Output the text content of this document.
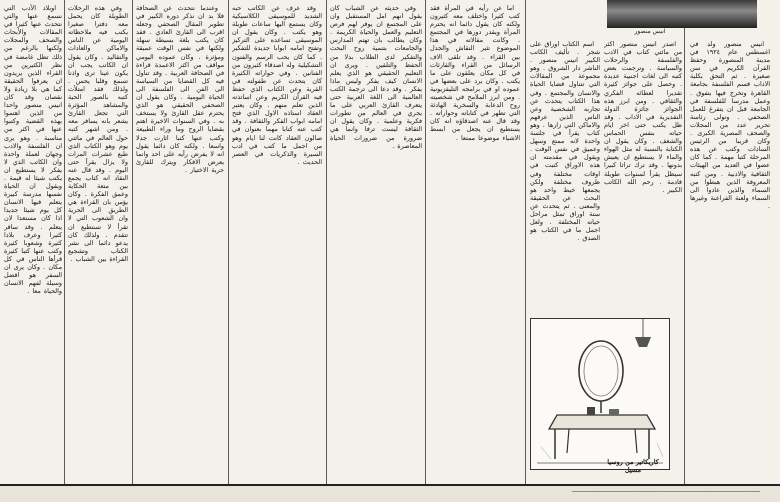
انيس منصور ولد في اغسطس عام ١٩٢٤ في مدينة المنصورة وحفظ القرآن الكريم في سن صغيرة . ثم التحق بكلية الاداب قسم الفلسفة بجامعة القاهرة وتخرج فيها بتفوق . وعمل مدرسا للفلسفة في الجامعة قبل ان يتفرغ للعمل الصحفي . وتولى رئاسة تحرير عدد من المجلات والصحف المصرية الكبرى . وكان قريبا من الرئيس السادات وكتب عن هذه المرحلة كتبا مهمة . كما كان عضوا في العديد من الهيئات الثقافية والادبية . ومن كتبه المعروفة الذين هبطوا من السماء والذين عادوا الى السماء ولعنة الفراعنة وغيرها .

اصدر انيس منصور اكثر من مائتي كتاب في الادب والفلسفة والرحلات والسياسة . وترجمت بعض كتبه الى لغات اجنبية عديدة . وحصل على جوائز كثيرة تقديرا لعطائه الفكري والثقافي . ومن ابرز هذه الجوائز جائزة الدولة التقديرية في الاداب . وقد ظل يكتب حتى اخر ايام حياته بنفس الحماس والشغف . وكان يقول ان الكتابة بالنسبة له مثل الهواء والماء لا يستطيع ان يعيش بدونها . وقد ترك تراثا كبيرا سيظل يقرأ لسنوات طويلة قادمة . رحم الله الكاتب الكبير .

اسم الكتاب اوراق على شجر . تأليف الكاتب الكبير انيس منصور . الناشر دار الشروق . وهو مجموعة من المقالات التي تتناول قضايا الحياة والانسان والمجتمع . وفي هذا الكتاب يتحدث عن تجاربه الشخصية وعن الناس الذين عرفهم والاماكن التي زارها . وهو كتاب يقرأ في جلسة واحدة لانه ممتع وسهل وعميق في نفس الوقت . ويقول في مقدمته ان هذه الاوراق كتبت في اوقات مختلفة وفي ظروف مختلفة ولكن يجمعها خيط واحد هو البحث عن الحقيقة والمعنى . ثم يتحدث عن ستة اوراق تمثل مراحل حياته المختلفة . ولعل اجمل ما في الكتاب هو الصدق .

اما عن رأيه في المرأة فقد كتب كثيرا واختلف معه كثيرون ولكنه كان يقول دائما انه يحترم المرأة ويقدر دورها في المجتمع . وكانت مقالاته في هذا الموضوع تثير النقاش والجدل بين القراء . وقد تلقى الاف الرسائل من القراء والقارئات في كل مكان يعلقون على ما يكتب . وكان يرد على بعضها في عموده او في برامجه التليفزيونية . ومن ابرز الملامح في شخصيته روح الدعابة والسخرية الهادئة التي تظهر في كتاباته وحواراته . وقد قال عنه اصدقاؤه انه كان يستطيع ان يجعل من ابسط الاشياء موضوعا ممتعا .

وفي حديثه عن الشباب كان يقول انهم امل المستقبل وان على المجتمع ان يوفر لهم فرص التعليم والعمل والحياة الكريمة . وكان يطالب بان تهتم المدارس والجامعات بتنمية روح البحث والتفكير لدى الطلاب بدلا من الحفظ والتلقين . ويرى ان التعليم الحقيقي هو الذي يعلم الانسان كيف يفكر وليس ماذا يفكر . وقد دعا الى ترجمة الكتب العالمية الى اللغة العربية حتى يتعرف القارئ العربي على ما يجري في العالم من تطورات فكرية وعلمية . وكان يقول ان الثقافة ليست ترفا وانما هي ضرورة من ضرورات الحياة المعاصرة .

وقد عرف عن الكاتب حبه الشديد للموسيقى الكلاسيكية وكان يستمع اليها ساعات طويلة وهو يكتب . وكان يقول ان الموسيقى تساعده على التركيز وتفتح امامه ابوابا جديدة للتفكير . كما كان يحب الرسم والفنون التشكيلية وله اصدقاء كثيرون من الفنانين . وفي حواراته الكثيرة كان يتحدث عن طفولته في القرية وعن الكتاب الذي حفظ فيه القرآن الكريم وعن اساتذته الذين تعلم منهم . وكان يعتبر العقاد استاذه الاول الذي فتح امامه ابواب الفكر والثقافة . وقد كتب عنه كتابا مهما بعنوان في صالون العقاد كانت لنا ايام وهو من اجمل ما كتب في ادب السيرة والذكريات في العصر الحديث .

وعندما نتحدث عن الصحافة فلا بد ان نذكر دوره الكبير في تطوير المقال الصحفي وجعله اقرب الى القارئ العادي . فقد كان يكتب بلغة بسيطة سهلة ولكنها في نفس الوقت عميقة ومؤثرة . وكان عموده اليومي مواقف من اكثر الاعمدة قراءة في الصحافة العربية . وقد تناول فيه كل القضايا من السياسة الى الفن الى الفلسفة الى الحياة اليومية . وكان يقول ان الصحفي الحقيقي هو الذي يحترم عقل القارئ ولا يستخف به . وفي السنوات الاخيرة اهتم بقضايا الروح وما وراء الطبيعة وكتب عنها كتبا اثارت جدلا واسعا . ولكنه كان دائما يقول انه لا يفرض رأيه على احد وانما يعرض الافكار ويترك للقارئ حرية الاختيار .

وفي هذه الرحلات الطويلة كان يحمل معه دفترا صغيرا يكتب فيه ملاحظاته اليومية عن الناس والاماكن والعادات والتقاليد . وكان يقول ان الكاتب يجب ان يكون عينا ترى واذنا تسمع وقلبا يحس . ولذلك فقد امتلأت كتبه بالصور الحية والمشاهد المؤثرة التي تجعل القارئ يشعر بانه يسافر معه . ومن اشهر كتبه حول العالم في مائتي يوم وهو الكتاب الذي طبع عشرات المرات ولا يزال يقرأ حتى اليوم . وقد قال عنه النقاد انه كتاب يجمع بين متعة الحكاية وعمق الفكرة . وكان يؤمن بان القراءة هي الطريق الى الحرية وان الشعوب التي لا تقرأ لا تستطيع ان تتقدم . ولذلك كان يدعو دائما الى نشر الكتاب وتشجيع القراءة بين الشباب .

اوبلاد الأدب التي نسمع عنها والتي نتحدث عنها كثيرا في المقالات والأبحاث والصحف والمجلات ولكنها بالرغم من ذلك تظل غامضة في نظر الكثيرين من القراء الذين يريدون ان يعرفوا الحقيقة كما هي بلا زيادة ولا نقصان وقد كان انيس منصور واحدا من الذين اهتموا بهذه القضية وكتبوا عنها في اكثر من مناسبة . وهو يرى ان الفلسفة والادب وجهان لعملة واحدة وان الكاتب الذي لا يفكر لا يستطيع ان يكتب شيئا له قيمة . ويقول ان الحياة نفسها مدرسة كبيرة يتعلم فيها الانسان كل يوم شيئا جديدا اذا كان مستعدا لان يتعلم . وقد سافر كثيرا وعرف بلادا كثيرة وشعوبا كثيرة وكتب عنها كتبا كثيرة قرأها الناس في كل مكان . وكان يرى ان السفر هو افضل وسيلة لفهم الانسان والحياة معا .

انيس منصور
كاريكاتير من روسيا مسيل
ـــــــــــــــــــــــــــــــــــــــــــــــــــــــــــــــــــــــــــــــــــــــــــــــــــــــــــ
